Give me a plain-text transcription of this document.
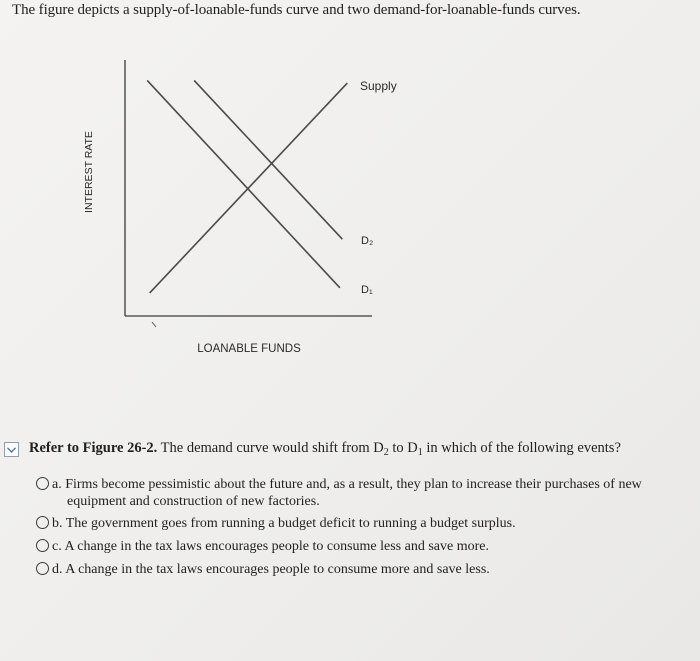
The figure depicts a supply-of-loanable-funds curve and two demand-for-loanable-funds curves.
Supply
D₂
D₁
INTEREST RATE
LOANABLE FUNDS
Refer to Figure 26-2. The demand curve would shift from $D_2$ to $D_1$ in which of the following events?
a. Firms become pessimistic about the future and, as a result, they plan to increase their purchases of new
equipment and construction of new factories.
b. The government goes from running a budget deficit to running a budget surplus.
c. A change in the tax laws encourages people to consume less and save more.
d. A change in the tax laws encourages people to consume more and save less.
